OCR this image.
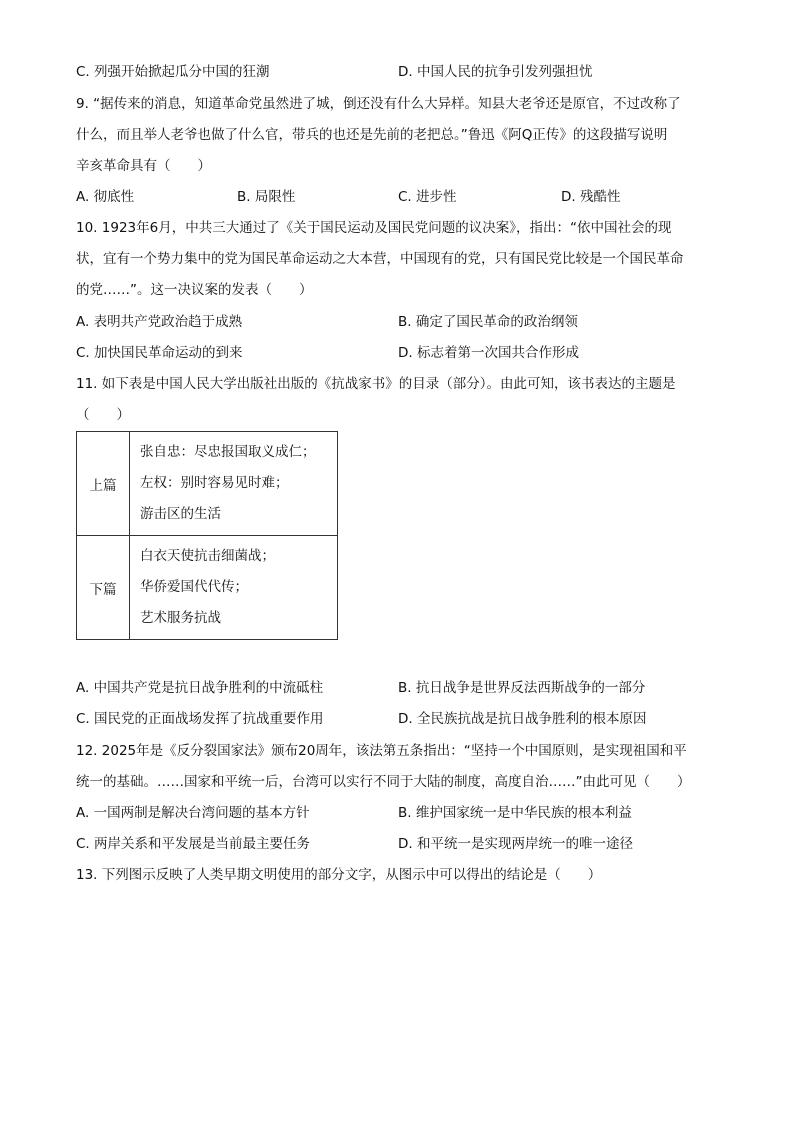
C. 列强开始掀起瓜分中国的狂潮	D. 中国人民的抗争引发列强担忧
9. “据传来的消息，知道革命党虽然进了城，倒还没有什么大异样。知县大老爷还是原官，不过改称了
什么，而且举人老爷也做了什么官，带兵的也还是先前的老把总。”鲁迅《阿Q正传》的这段描写说明
辛亥革命具有（　　）
A. 彻底性	B. 局限性	C. 进步性	D. 残酷性
10. 1923年6月，中共三大通过了《关于国民运动及国民党问题的议决案》，指出：“依中国社会的现
状，宜有一个势力集中的党为国民革命运动之大本营，中国现有的党，只有国民党比较是一个国民革命
的党……”。这一决议案的发表（　　）
A. 表明共产党政治趋于成熟	B. 确定了国民革命的政治纲领
C. 加快国民革命运动的到来	D. 标志着第一次国共合作形成
11. 如下表是中国人民大学出版社出版的《抗战家书》的目录（部分）。由此可知，该书表达的主题是
（　　）
上篇	张自忠：尽忠报国取义成仁；
左权：别时容易见时难；
游击区的生活

下篇	白衣天使抗击细菌战；
华侨爱国代代传；
艺术服务抗战
A. 中国共产党是抗日战争胜利的中流砥柱	B. 抗日战争是世界反法西斯战争的一部分
C. 国民党的正面战场发挥了抗战重要作用	D. 全民族抗战是抗日战争胜利的根本原因
12. 2025年是《反分裂国家法》颁布20周年，该法第五条指出：“坚持一个中国原则，是实现祖国和平
统一的基础。……国家和平统一后，台湾可以实行不同于大陆的制度，高度自治……”由此可见（　　）
A. 一国两制是解决台湾问题的基本方针	B. 维护国家统一是中华民族的根本利益
C. 两岸关系和平发展是当前最主要任务	D. 和平统一是实现两岸统一的唯一途径
13. 下列图示反映了人类早期文明使用的部分文字，从图示中可以得出的结论是（　　）
